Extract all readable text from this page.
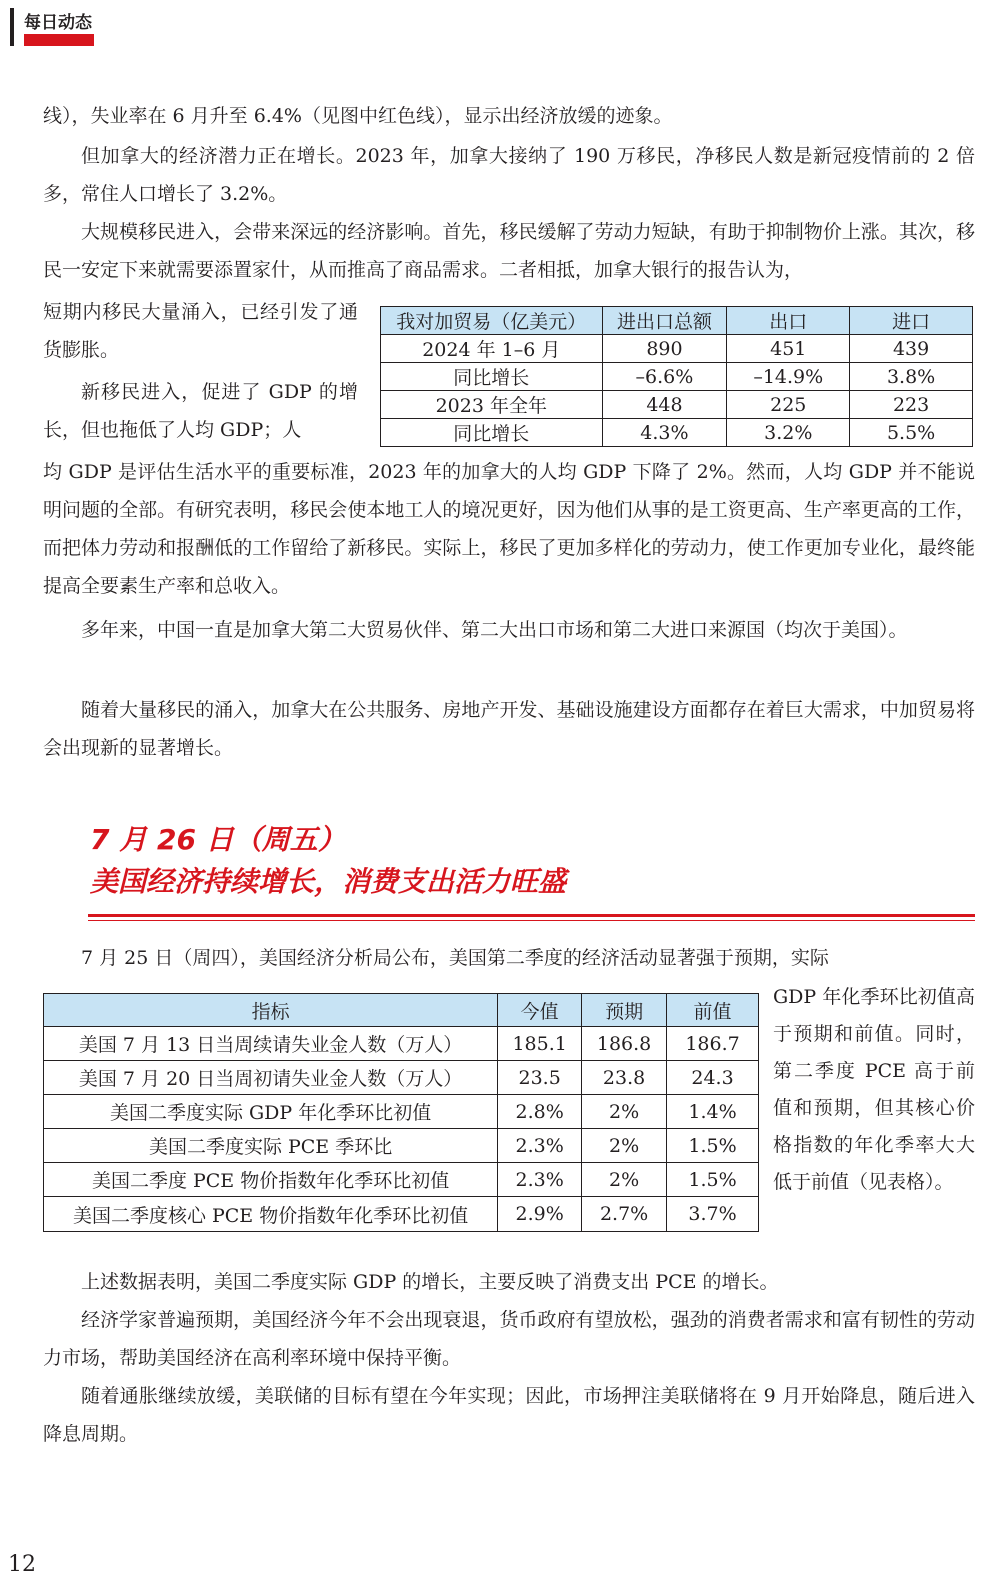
每日动态

线），失业率在 6 月升至 6.4%（见图中红色线），显示出经济放缓的迹象。

但加拿大的经济潜力正在增长。2023 年，加拿大接纳了 190 万移民，净移民人数是新冠疫情前的 2 倍多，常住人口增长了 3.2%。

大规模移民进入，会带来深远的经济影响。首先，移民缓解了劳动力短缺，有助于抑制物价上涨。其次，移民一安定下来就需要添置家什，从而推高了商品需求。二者相抵，加拿大银行的报告认为，

短期内移民大量涌入，已经引发了通货膨胀。

新移民进入，促进了 GDP 的增长，但也拖低了人均 GDP；人

均 GDP 是评估生活水平的重要标准，2023 年的加拿大的人均 GDP 下降了 2%。然而，人均 GDP 并不能说明问题的全部。有研究表明，移民会使本地工人的境况更好，因为他们从事的是工资更高、生产率更高的工作，而把体力劳动和报酬低的工作留给了新移民。实际上，移民了更加多样化的劳动力，使工作更加专业化，最终能提高全要素生产率和总收入。

多年来，中国一直是加拿大第二大贸易伙伴、第二大出口市场和第二大进口来源国（均次于美国）。

随着大量移民的涌入，加拿大在公共服务、房地产开发、基础设施建设方面都存在着巨大需求，中加贸易将会出现新的显著增长。

我对加贸易（亿美元）	进出口总额	出口	进口
2024 年 1–6 月	890	451	439
同比增长	–6.6%	–14.9%	3.8%
2023 年全年	448	225	223
同比增长	4.3%	3.2%	5.5%
7 月 26 日（周五）
美国经济持续增长，消费支出活力旺盛

7 月 25 日（周四），美国经济分析局公布，美国第二季度的经济活动显著强于预期，实际

GDP 年化季环比初值高于预期和前值。同时，第二季度 PCE 高于前值和预期，但其核心价格指数的年化季率大大低于前值（见表格）。

指标	今值	预期	前值
美国 7 月 13 日当周续请失业金人数（万人）	185.1	186.8	186.7
美国 7 月 20 日当周初请失业金人数（万人）	23.5	23.8	24.3
美国二季度实际 GDP 年化季环比初值	2.8%	2%	1.4%
美国二季度实际 PCE 季环比	2.3%	2%	1.5%
美国二季度 PCE 物价指数年化季环比初值	2.3%	2%	1.5%
美国二季度核心 PCE 物价指数年化季环比初值	2.9%	2.7%	3.7%

上述数据表明，美国二季度实际 GDP 的增长，主要反映了消费支出 PCE 的增长。

经济学家普遍预期，美国经济今年不会出现衰退，货币政府有望放松，强劲的消费者需求和富有韧性的劳动力市场，帮助美国经济在高利率环境中保持平衡。

随着通胀继续放缓，美联储的目标有望在今年实现；因此，市场押注美联储将在 9 月开始降息，随后进入降息周期。

12
